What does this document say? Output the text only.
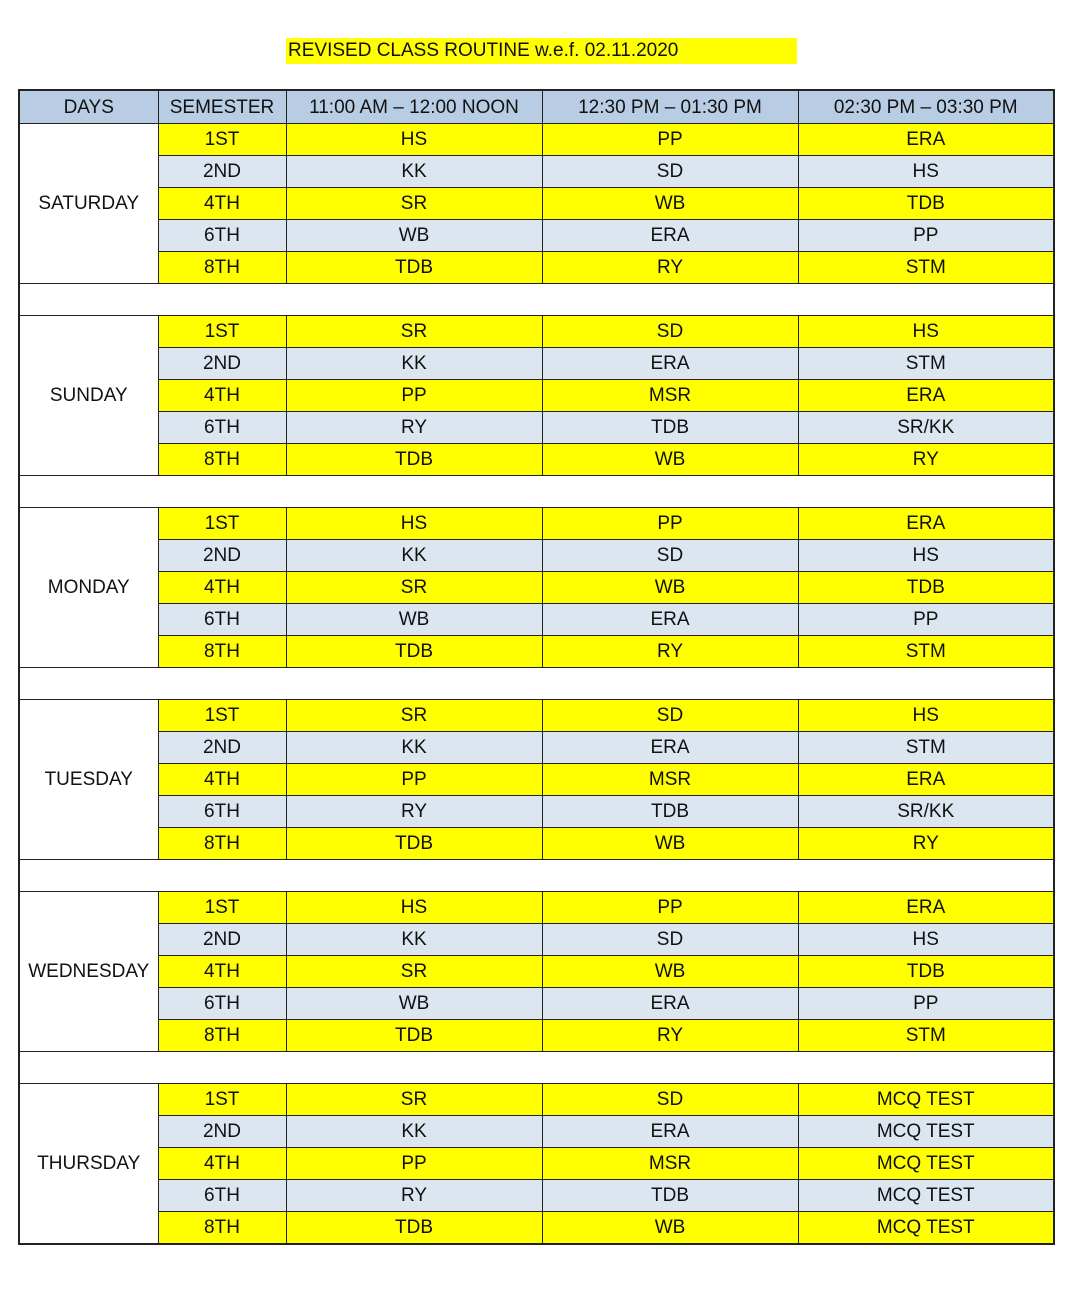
REVISED CLASS ROUTINE w.e.f. 02.11.2020
DAYS	SEMESTER	11:00 AM – 12:00 NOON	12:30 PM – 01:30 PM	02:30 PM – 03:30 PM
SATURDAY	1ST	HS	PP	ERA
	2ND	KK	SD	HS
	4TH	SR	WB	TDB
	6TH	WB	ERA	PP
	8TH	TDB	RY	STM

SUNDAY	1ST	SR	SD	HS
	2ND	KK	ERA	STM
	4TH	PP	MSR	ERA
	6TH	RY	TDB	SR/KK
	8TH	TDB	WB	RY

MONDAY	1ST	HS	PP	ERA
	2ND	KK	SD	HS
	4TH	SR	WB	TDB
	6TH	WB	ERA	PP
	8TH	TDB	RY	STM

TUESDAY	1ST	SR	SD	HS
	2ND	KK	ERA	STM
	4TH	PP	MSR	ERA
	6TH	RY	TDB	SR/KK
	8TH	TDB	WB	RY

WEDNESDAY	1ST	HS	PP	ERA
	2ND	KK	SD	HS
	4TH	SR	WB	TDB
	6TH	WB	ERA	PP
	8TH	TDB	RY	STM

THURSDAY	1ST	SR	SD	MCQ TEST
	2ND	KK	ERA	MCQ TEST
	4TH	PP	MSR	MCQ TEST
	6TH	RY	TDB	MCQ TEST
	8TH	TDB	WB	MCQ TEST
